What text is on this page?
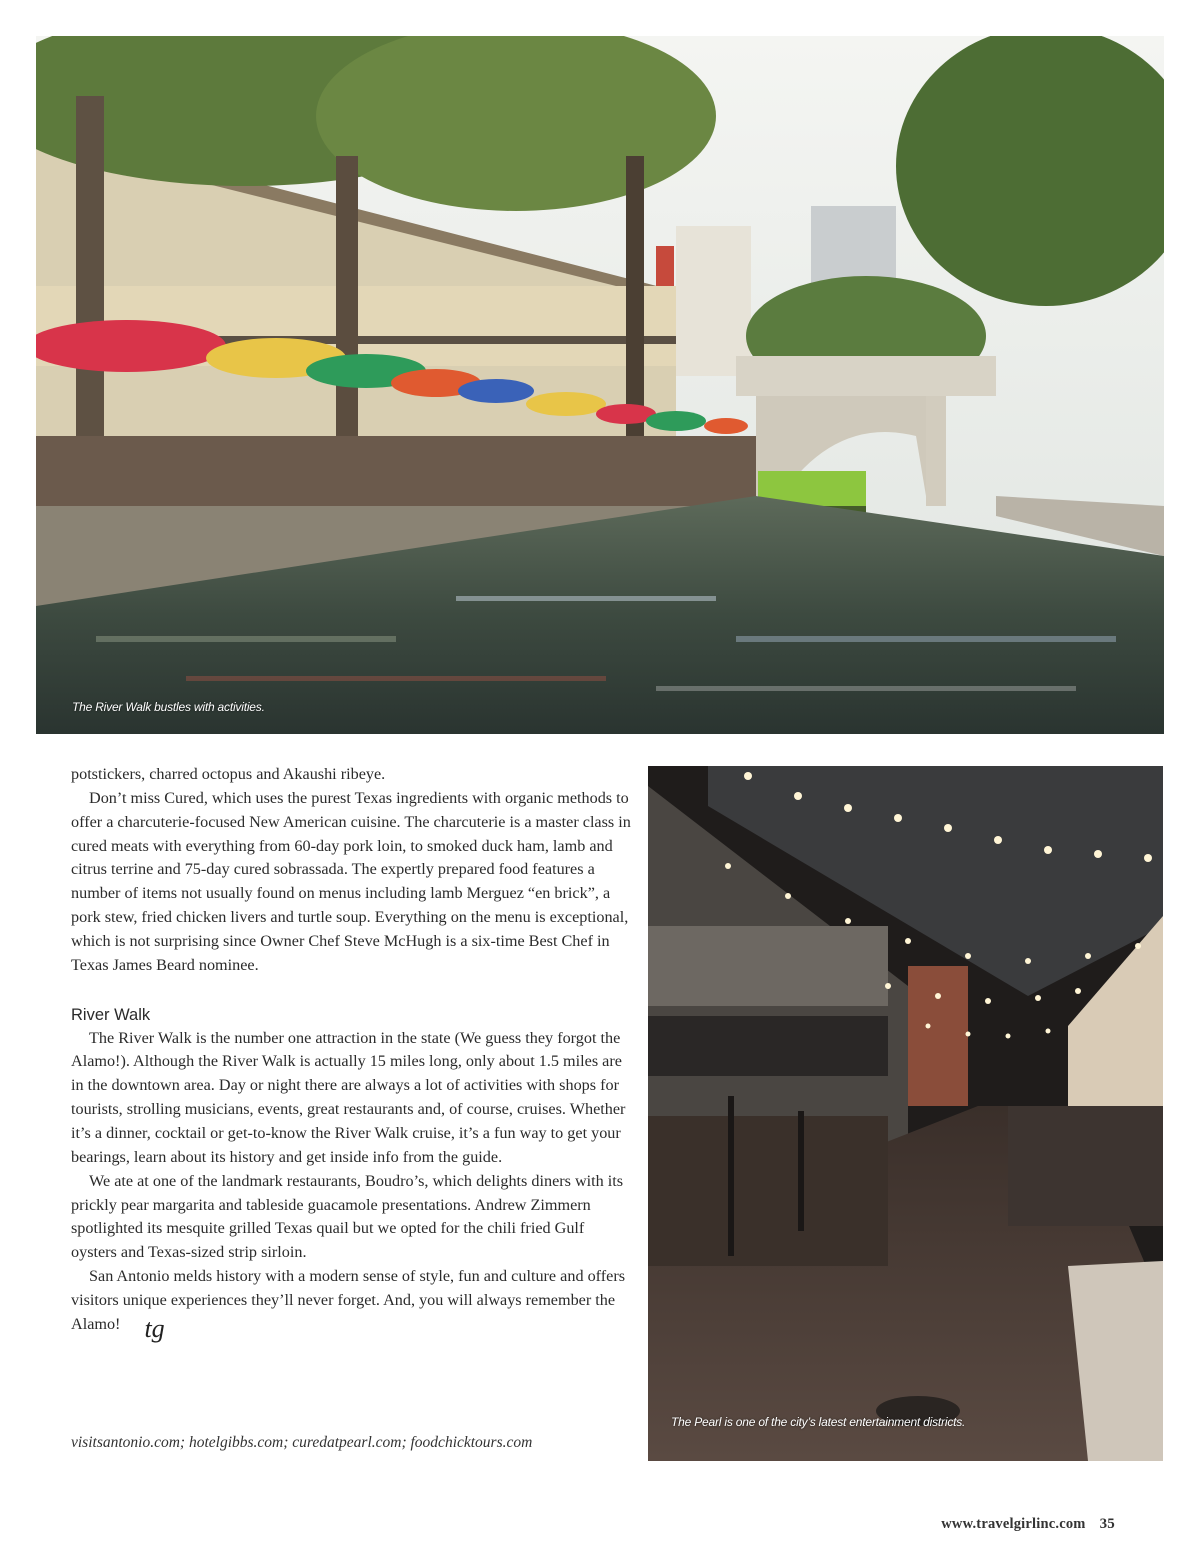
The River Walk bustles with activities.
The Pearl is one of the city’s latest entertainment districts.

potstickers, charred octopus and Akaushi ribeye.

Don’t miss Cured, which uses the purest Texas ingredients with organic methods to offer a charcuterie-focused New American cuisine. The charcuterie is a master class in cured meats with everything from 60-day pork loin, to smoked duck ham, lamb and citrus terrine and 75-day cured sobrassada. The expertly prepared food features a number of items not usually found on menus including lamb Merguez “en brick”, a pork stew, fried chicken livers and turtle soup. Everything on the menu is exceptional, which is not surprising since Owner Chef Steve McHugh is a six-time Best Chef in Texas James Beard nominee.

River Walk

The River Walk is the number one attraction in the state (We guess they forgot the Alamo!). Although the River Walk is actually 15 miles long, only about 1.5 miles are in the downtown area. Day or night there are always a lot of activities with shops for tourists, strolling musicians, events, great restaurants and, of course, cruises. Whether it’s a dinner, cocktail or get-to-know the River Walk cruise, it’s a fun way to get your bearings, learn about its history and get inside info from the guide.

We ate at one of the landmark restaurants, Boudro’s, which delights diners with its prickly pear margarita and tableside guacamole presentations. Andrew Zimmern spotlighted its mesquite grilled Texas quail but we opted for the chili fried Gulf oysters and Texas-sized strip sirloin.

San Antonio melds history with a modern sense of style, fun and culture and offers visitors unique experiences they’ll never forget. And, you will always remember the Alamo! tg

visitsantonio.com; hotelgibbs.com; curedatpearl.com; foodchicktours.com
www.travelgirlinc.com 35
